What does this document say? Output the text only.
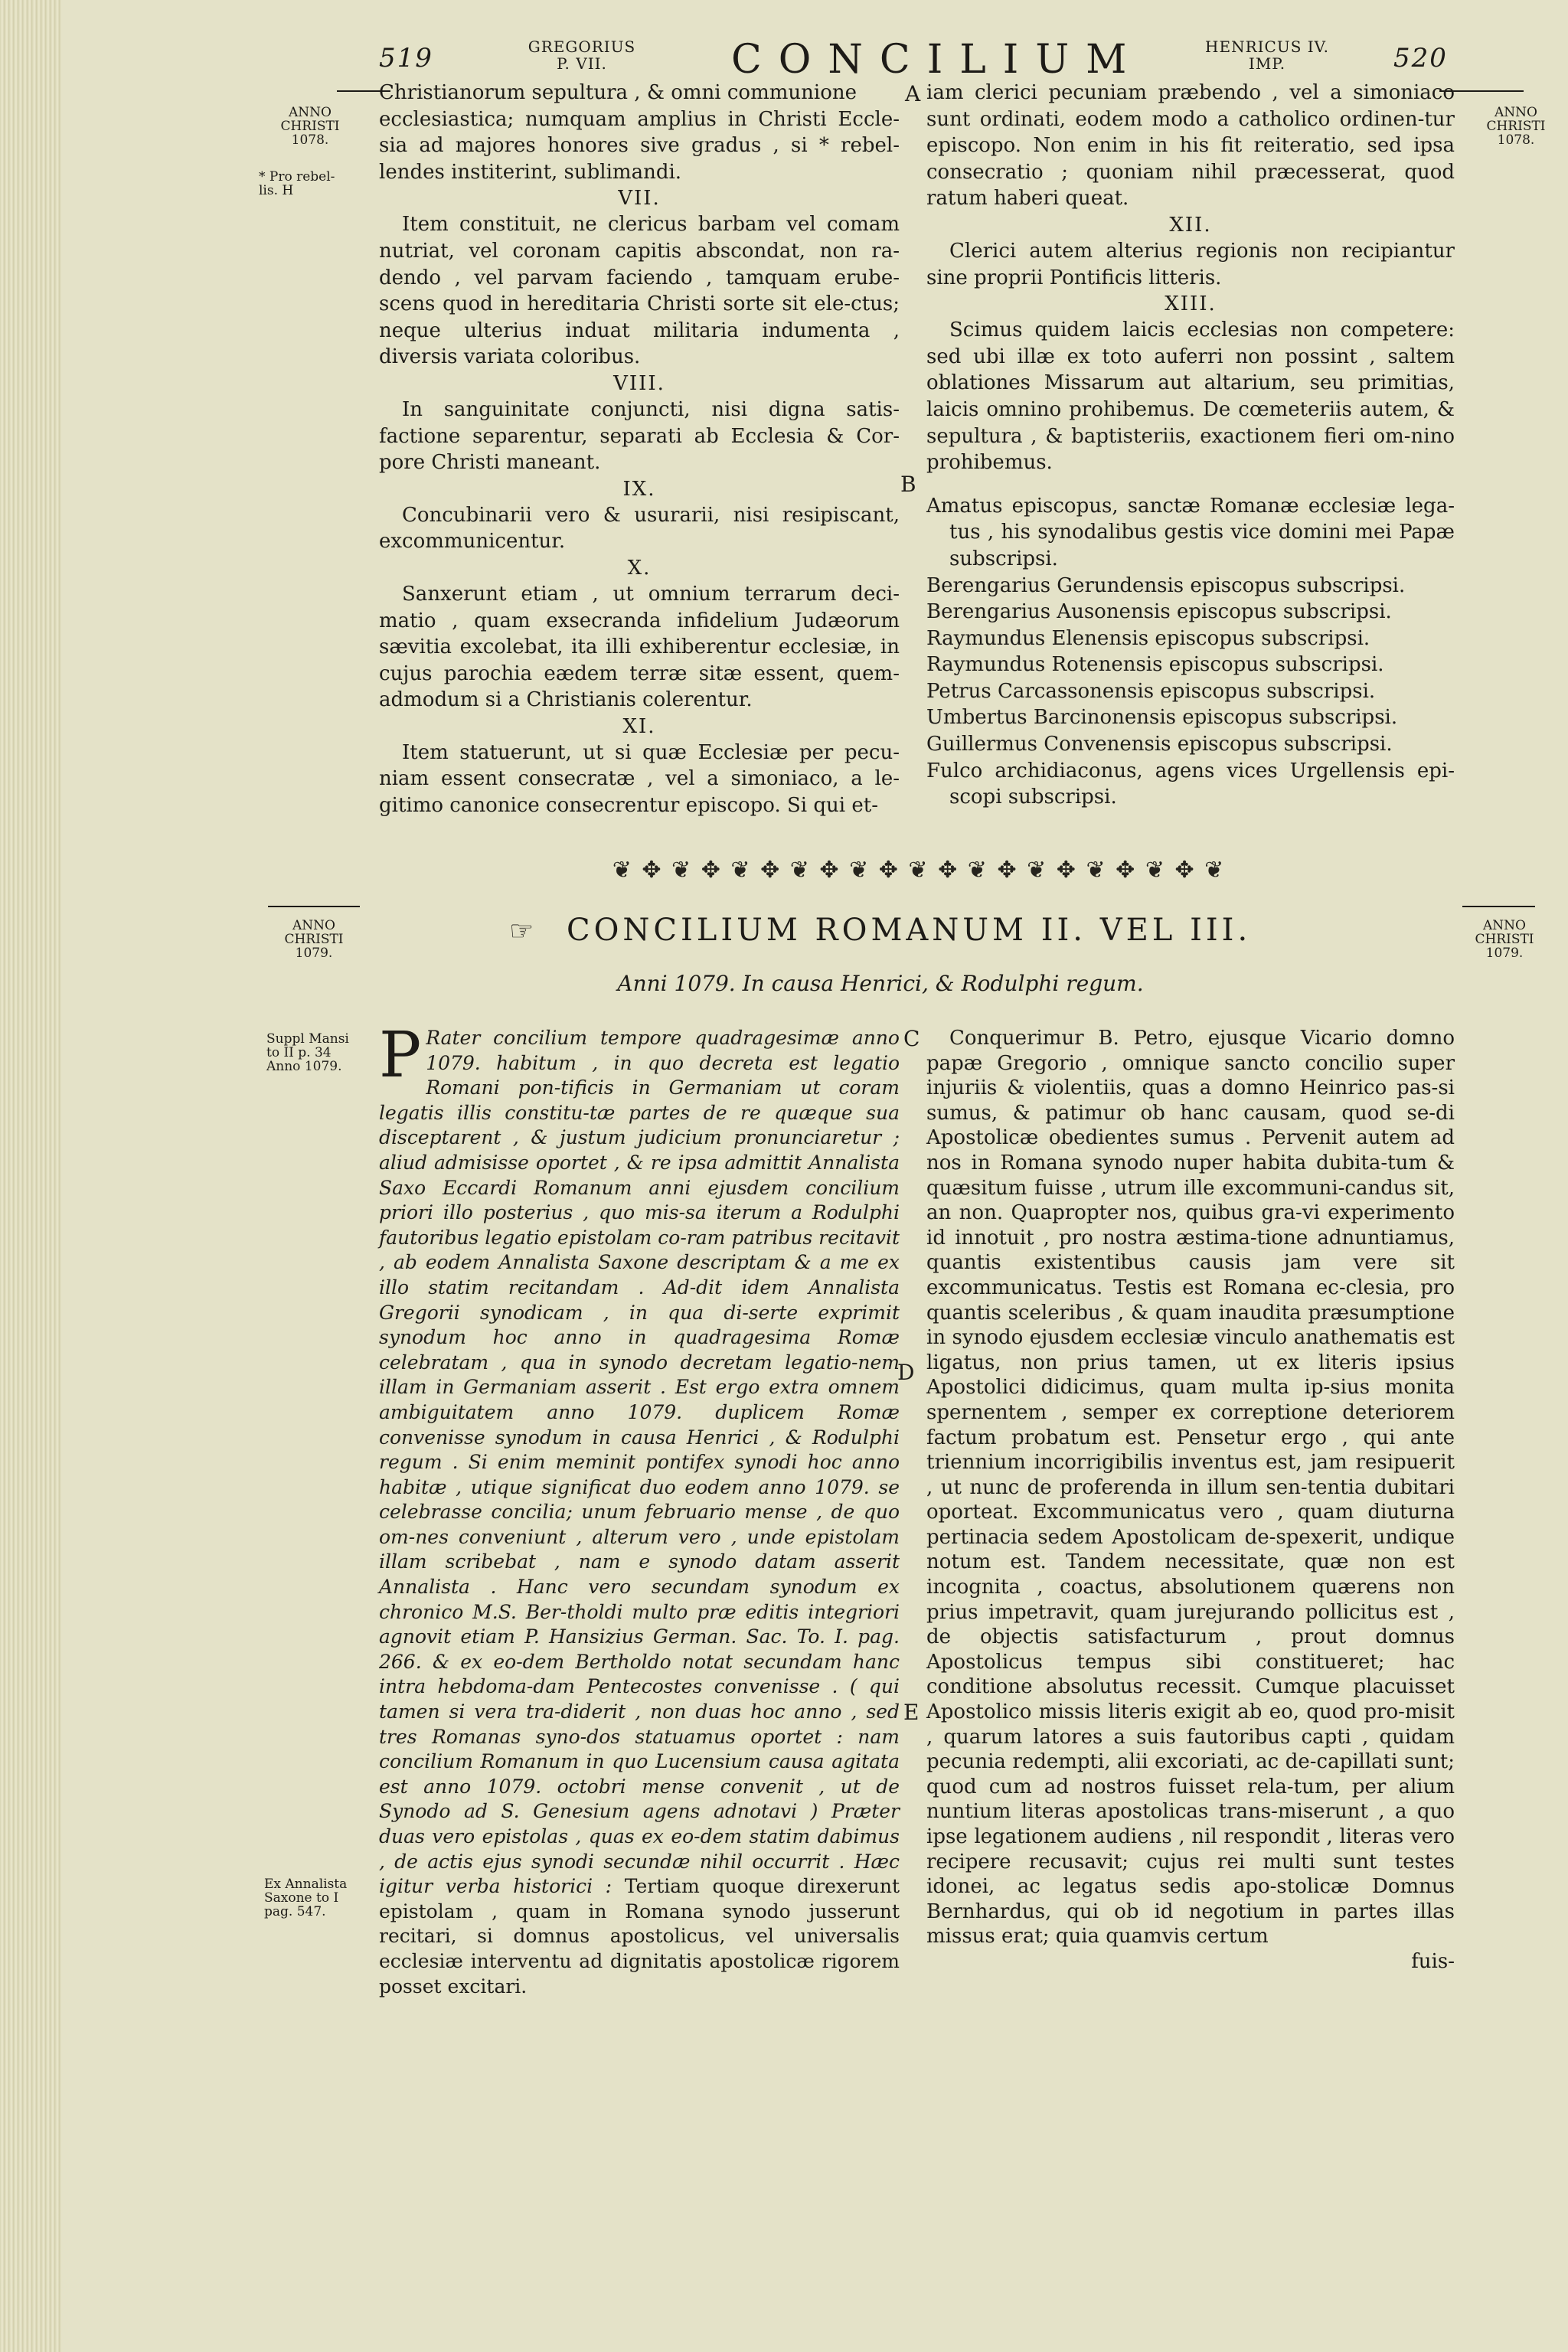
519	GREGORIUS
P. VII.	CONCILIUM	HENRICUS IV.
IMP.	520
ANNO
CHRISTI
1078.
* Pro rebel-
lis. H
ANNO
CHRISTI
1078.

Christianorum sepultura , & omni communione

ecclesiastica; numquam amplius in Christi Eccle-sia ad majores honores sive gradus , si * rebel-lendes institerint, sublimandi.

VII.

Item constituit, ne clericus barbam vel comam nutriat, vel coronam capitis abscondat, non ra-dendo , vel parvam faciendo , tamquam erube-scens quod in hereditaria Christi sorte sit ele-ctus; neque ulterius induat militaria indumenta , diversis variata coloribus.

VIII.

In sanguinitate conjuncti, nisi digna satis-factione separentur, separati ab Ecclesia & Cor-pore Christi maneant.

IX.

Concubinarii vero & usurarii, nisi resipiscant, excommunicentur.

X.

Sanxerunt etiam , ut omnium terrarum deci-matio , quam exsecranda infidelium Judæorum sævitia excolebat, ita illi exhiberentur ecclesiæ, in cujus parochia eædem terræ sitæ essent, quem-admodum si a Christianis colerentur.

XI.

Item statuerunt, ut si quæ Ecclesiæ per pecu-niam essent consecratæ , vel a simoniaco, a le-gitimo canonice consecrentur episcopo. Si qui et-

A
B

iam clerici pecuniam præbendo , vel a simoniaco sunt ordinati, eodem modo a catholico ordinen-tur episcopo. Non enim in his fit reiteratio, sed ipsa consecratio ; quoniam nihil præcesserat, quod ratum haberi queat.

XII.

Clerici autem alterius regionis non recipiantur sine proprii Pontificis litteris.

XIII.

Scimus quidem laicis ecclesias non competere: sed ubi illæ ex toto auferri non possint , saltem oblationes Missarum aut altarium, seu primitias, laicis omnino prohibemus. De cœmeteriis autem, & sepultura , & baptisteriis, exactionem fieri om-nino prohibemus.

Amatus episcopus, sanctæ Romanæ ecclesiæ lega-tus , his synodalibus gestis vice domini mei Papæ subscripsi.

Berengarius Gerundensis episcopus subscripsi.

Berengarius Ausonensis episcopus subscripsi.

Raymundus Elenensis episcopus subscripsi.

Raymundus Rotenensis episcopus subscripsi.

Petrus Carcassonensis episcopus subscripsi.

Umbertus Barcinonensis episcopus subscripsi.

Guillermus Convenensis episcopus subscripsi.

Fulco archidiaconus, agens vices Urgellensis epi-scopi subscripsi.

❦ ✥ ❦ ✥ ❦ ✥ ❦ ✥ ❦ ✥ ❦ ✥ ❦ ✥ ❦ ✥ ❦ ✥ ❦ ✥ ❦
ANNO
CHRISTI
1079.
ANNO
CHRISTI
1079.
☞	CONCILIUM ROMANUM II. VEL III.
Anni 1079. In causa Henrici, & Rodulphi regum.
Suppl Mansi
to II p. 34
Anno 1079.
Ex Annalista
Saxone to I
pag. 547.

P Rater concilium tempore quadragesimæ anno 1079. habitum , in quo decreta est legatio Romani pon-tificis in Germaniam ut coram legatis illis constitu-tæ partes de re quæque sua disceptarent , & justum judicium pronunciaretur ; aliud admisisse oportet , & re ipsa admittit Annalista Saxo Eccardi Romanum anni ejusdem concilium priori illo posterius , quo mis-sa iterum a Rodulphi fautoribus legatio epistolam co-ram patribus recitavit , ab eodem Annalista Saxone descriptam & a me ex illo statim recitandam . Ad-dit idem Annalista Gregorii synodicam , in qua di-serte exprimit synodum hoc anno in quadragesima Romæ celebratam , qua in synodo decretam legatio-nem illam in Germaniam asserit . Est ergo extra omnem ambiguitatem anno 1079. duplicem Romæ convenisse synodum in causa Henrici , & Rodulphi regum . Si enim meminit pontifex synodi hoc anno habitæ , utique significat duo eodem anno 1079. se celebrasse concilia; unum februario mense , de quo om-nes conveniunt , alterum vero , unde epistolam illam scribebat , nam e synodo datam asserit Annalista . Hanc vero secundam synodum ex chronico M.S. Ber-tholdi multo præ editis integriori agnovit etiam P. Hansizius German. Sac. To. I. pag. 266. & ex eo-dem Bertholdo notat secundam hanc intra hebdoma-dam Pentecostes convenisse . ( qui tamen si vera tra-diderit , non duas hoc anno , sed tres Romanas syno-dos statuamus oportet : nam concilium Romanum in quo Lucensium causa agitata est anno 1079. octobri mense convenit , ut de Synodo ad S. Genesium agens adnotavi ) Præter duas vero epistolas , quas ex eo-dem statim dabimus , de actis ejus synodi secundæ nihil occurrit . Hæc igitur verba historici : Tertiam quoque direxerunt epistolam , quam in Romana synodo jusserunt recitari, si domnus apostolicus, vel universalis ecclesiæ interventu ad dignitatis apostolicæ rigorem posset excitari.

C
D
E

Conquerimur B. Petro, ejusque Vicario domno papæ Gregorio , omnique sancto concilio super injuriis & violentiis, quas a domno Heinrico pas-si sumus, & patimur ob hanc causam, quod se-di Apostolicæ obedientes sumus . Pervenit autem ad nos in Romana synodo nuper habita dubita-tum & quæsitum fuisse , utrum ille excommuni-candus sit, an non. Quapropter nos, quibus gra-vi experimento id innotuit , pro nostra æstima-tione adnuntiamus, quantis existentibus causis jam vere sit excommunicatus. Testis est Romana ec-clesia, pro quantis sceleribus , & quam inaudita præsumptione in synodo ejusdem ecclesiæ vinculo anathematis est ligatus, non prius tamen, ut ex literis ipsius Apostolici didicimus, quam multa ip-sius monita spernentem , semper ex correptione deteriorem factum probatum est. Pensetur ergo , qui ante triennium incorrigibilis inventus est, jam resipuerit , ut nunc de proferenda in illum sen-tentia dubitari oporteat. Excommunicatus vero , quam diuturna pertinacia sedem Apostolicam de-spexerit, undique notum est. Tandem necessitate, quæ non est incognita , coactus, absolutionem quærens non prius impetravit, quam jurejurando pollicitus est , de objectis satisfacturum , prout domnus Apostolicus tempus sibi constitueret; hac conditione absolutus recessit. Cumque placuisset Apostolico missis literis exigit ab eo, quod pro-misit , quarum latores a suis fautoribus capti , quidam pecunia redempti, alii excoriati, ac de-capillati sunt; quod cum ad nostros fuisset rela-tum, per alium nuntium literas apostolicas trans-miserunt , a quo ipse legationem audiens , nil respondit , literas vero recipere recusavit; cujus rei multi sunt testes idonei, ac legatus sedis apo-stolicæ Domnus Bernhardus, qui ob id negotium in partes illas missus erat; quia quamvis certum

fuis-
